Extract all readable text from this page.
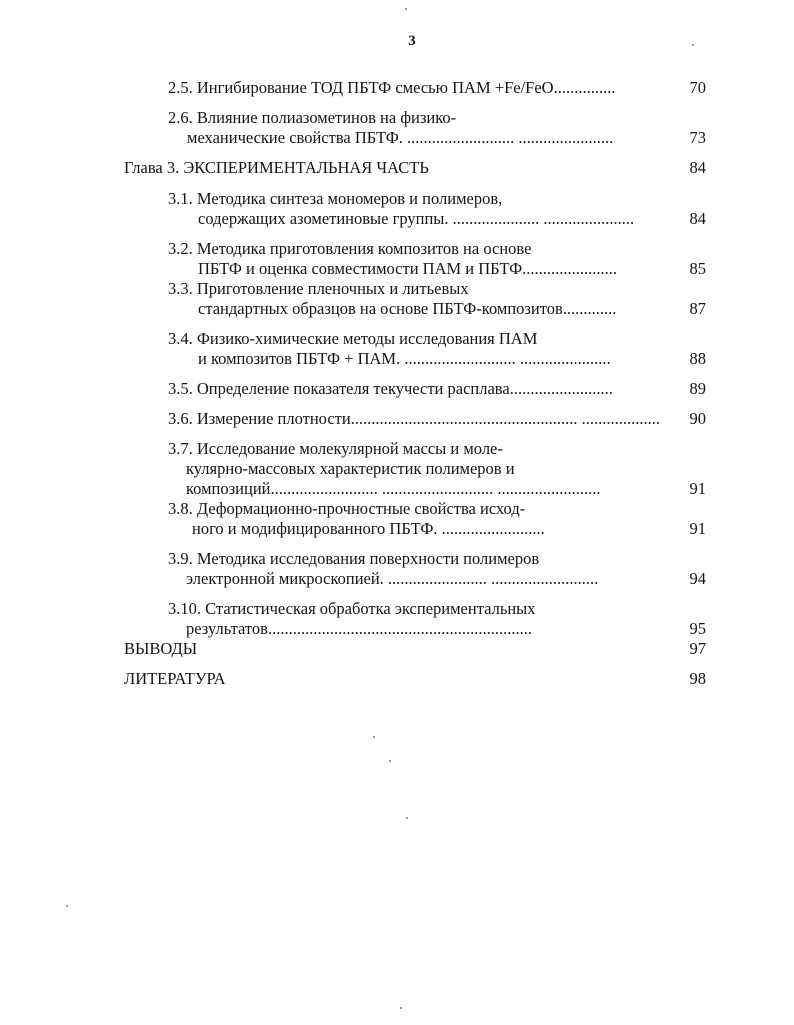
3
2.5. Ингибирование ТОД ПБТФ смесью ПАМ +Fe/FeO...............	70
2.6. Влияние полиазометинов на физико-
механические свойства ПБТФ. .......................... .......................	73
Глава 3. ЭКСПЕРИМЕНТАЛЬНАЯ ЧАСТЬ	84
3.1. Методика синтеза мономеров и полимеров,
содержащих азометиновые группы. ..................... ......................	84
3.2. Методика приготовления композитов на основе
ПБТФ и оценка совместимости ПАМ и ПБТФ.......................	85
3.3. Приготовление пленочных и литьевых
стандартных образцов на основе ПБТФ-композитов.............	87
3.4. Физико-химические методы исследования ПАМ
и композитов ПБТФ + ПАМ. ........................... ......................	88
3.5. Определение показателя текучести расплава.........................	89
3.6. Измерение плотности....................................................... ...................	90
3.7. Исследование молекулярной массы и моле-
кулярно-массовых характеристик полимеров и
композиций.......................... ........................... .........................	91
3.8. Деформационно-прочностные свойства исход-
ного и модифицированного ПБТФ. .........................	91
3.9. Методика исследования поверхности полимеров
электронной микроскопией. ........................ ..........................	94
3.10. Статистическая обработка экспериментальных
результатов................................................................	95
ВЫВОДЫ	97
ЛИТЕРАТУРА	98
